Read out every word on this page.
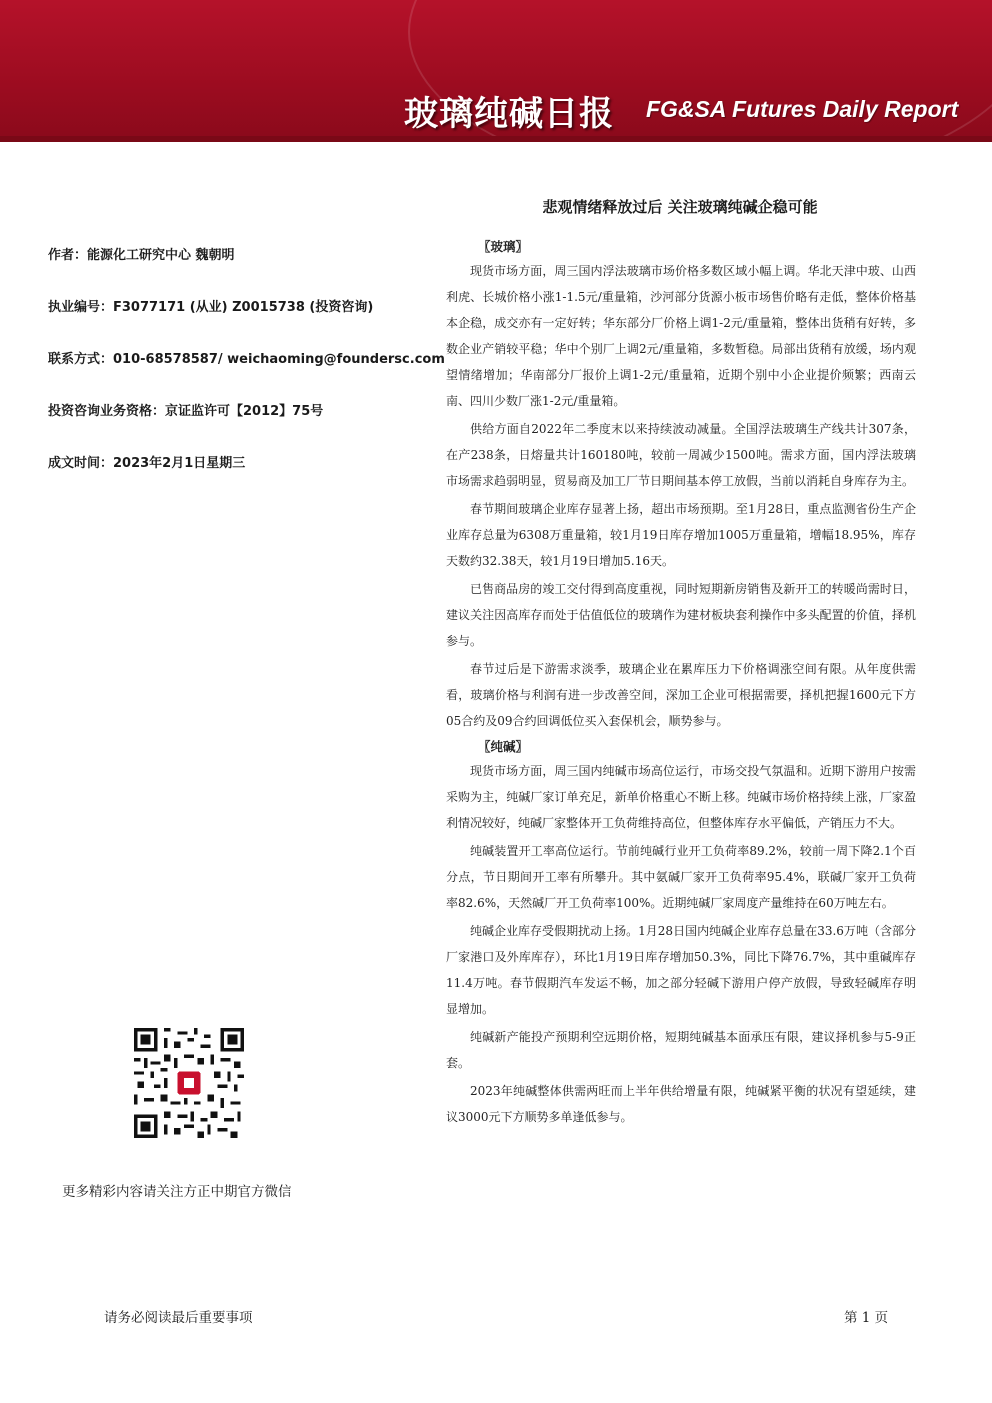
玻璃纯碱日报 FG&SA Futures Daily Report
悲观情绪释放过后 关注玻璃纯碱企稳可能
作者：能源化工研究中心 魏朝明
执业编号：F3077171 (从业) Z0015738 (投资咨询)
联系方式：010-68578587/ weichaoming@foundersc.com
投资咨询业务资格：京证监许可【2012】75号
成文时间：2023年2月1日星期三
更多精彩内容请关注方正中期官方微信

〖玻璃〗

现货市场方面，周三国内浮法玻璃市场价格多数区域小幅上调。华北天津中玻、山西利虎、长城价格小涨1-1.5元/重量箱，沙河部分货源小板市场售价略有走低，整体价格基本企稳，成交亦有一定好转；华东部分厂价格上调1-2元/重量箱，整体出货稍有好转，多数企业产销较平稳；华中个别厂上调2元/重量箱，多数暂稳。局部出货稍有放缓，场内观望情绪增加；华南部分厂报价上调1-2元/重量箱，近期个别中小企业提价频繁；西南云南、四川少数厂涨1-2元/重量箱。

供给方面自2022年二季度末以来持续波动减量。全国浮法玻璃生产线共计307条，在产238条，日熔量共计160180吨，较前一周减少1500吨。需求方面，国内浮法玻璃市场需求趋弱明显，贸易商及加工厂节日期间基本停工放假，当前以消耗自身库存为主。

春节期间玻璃企业库存显著上扬，超出市场预期。至1月28日，重点监测省份生产企业库存总量为6308万重量箱，较1月19日库存增加1005万重量箱，增幅18.95%，库存天数约32.38天，较1月19日增加5.16天。

已售商品房的竣工交付得到高度重视，同时短期新房销售及新开工的转暖尚需时日，建议关注因高库存而处于估值低位的玻璃作为建材板块套利操作中多头配置的价值，择机参与。

春节过后是下游需求淡季，玻璃企业在累库压力下价格调涨空间有限。从年度供需看，玻璃价格与利润有进一步改善空间，深加工企业可根据需要，择机把握1600元下方05合约及09合约回调低位买入套保机会，顺势参与。

〖纯碱〗

现货市场方面，周三国内纯碱市场高位运行，市场交投气氛温和。近期下游用户按需采购为主，纯碱厂家订单充足，新单价格重心不断上移。纯碱市场价格持续上涨，厂家盈利情况较好，纯碱厂家整体开工负荷维持高位，但整体库存水平偏低，产销压力不大。

纯碱装置开工率高位运行。节前纯碱行业开工负荷率89.2%，较前一周下降2.1个百分点，节日期间开工率有所攀升。其中氨碱厂家开工负荷率95.4%，联碱厂家开工负荷率82.6%，天然碱厂开工负荷率100%。近期纯碱厂家周度产量维持在60万吨左右。

纯碱企业库存受假期扰动上扬。1月28日国内纯碱企业库存总量在33.6万吨（含部分厂家港口及外库库存），环比1月19日库存增加50.3%，同比下降76.7%，其中重碱库存11.4万吨。春节假期汽车发运不畅，加之部分轻碱下游用户停产放假，导致轻碱库存明显增加。

纯碱新产能投产预期利空远期价格，短期纯碱基本面承压有限，建议择机参与5-9正套。

2023年纯碱整体供需两旺而上半年供给增量有限，纯碱紧平衡的状况有望延续，建议3000元下方顺势多单逢低参与。

请务必阅读最后重要事项	第 1 页
